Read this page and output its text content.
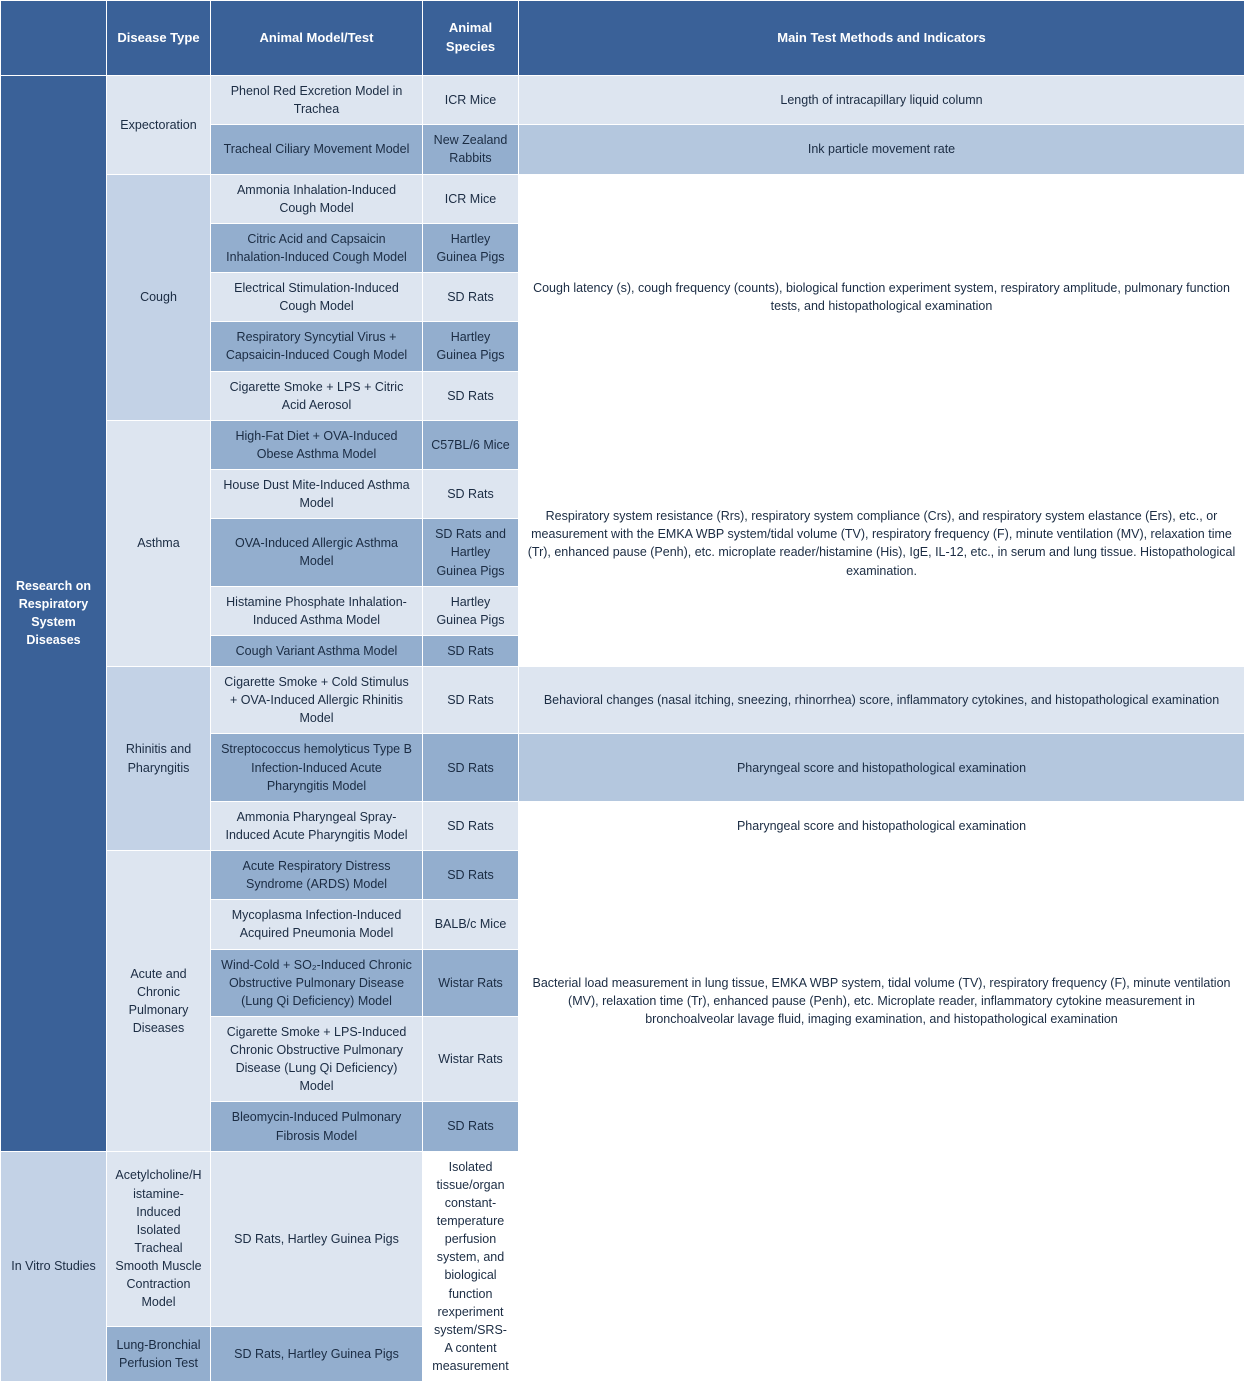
	Disease Type	Animal Model/Test	Animal Species	Main Test Methods and Indicators
Research on Respiratory System Diseases	Expectoration	Phenol Red Excretion Model in Trachea	ICR Mice	Length of intracapillary liquid column
		Tracheal Ciliary Movement Model	New Zealand Rabbits	Ink particle movement rate
	Cough	Ammonia Inhalation-Induced Cough Model	ICR Mice	Cough latency (s), cough frequency (counts), biological function experiment system, respiratory amplitude, pulmonary function tests, and histopathological examination
		Citric Acid and Capsaicin Inhalation-Induced Cough Model	Hartley Guinea Pigs	
		Electrical Stimulation-Induced Cough Model	SD Rats	
		Respiratory Syncytial Virus + Capsaicin-Induced Cough Model	Hartley Guinea Pigs	
		Cigarette Smoke + LPS + Citric Acid Aerosol	SD Rats	
	Asthma	High-Fat Diet + OVA-Induced Obese Asthma Model	C57BL/6 Mice	Respiratory system resistance (Rrs), respiratory system compliance (Crs), and respiratory system elastance (Ers), etc., or measurement with the EMKA WBP system/tidal volume (TV), respiratory frequency (F), minute ventilation (MV), relaxation time (Tr), enhanced pause (Penh), etc. microplate reader/histamine (His), IgE, IL-12, etc., in serum and lung tissue. Histopathological examination.
		House Dust Mite-Induced Asthma Model	SD Rats	
		OVA-Induced Allergic Asthma Model	SD Rats and Hartley Guinea Pigs	
		Histamine Phosphate Inhalation-Induced Asthma Model	Hartley Guinea Pigs	
		Cough Variant Asthma Model	SD Rats	
	Rhinitis and Pharyngitis	Cigarette Smoke + Cold Stimulus + OVA-Induced Allergic Rhinitis Model	SD Rats	Behavioral changes (nasal itching, sneezing, rhinorrhea) score, inflammatory cytokines, and histopathological examination
		Streptococcus hemolyticus Type B Infection-Induced Acute Pharyngitis Model	SD Rats	Pharyngeal score and histopathological examination
		Ammonia Pharyngeal Spray-Induced Acute Pharyngitis Model	SD Rats	Pharyngeal score and histopathological examination
	Acute and Chronic Pulmonary Diseases	Acute Respiratory Distress Syndrome (ARDS) Model	SD Rats	Bacterial load measurement in lung tissue, EMKA WBP system, tidal volume (TV), respiratory frequency (F), minute ventilation (MV), relaxation time (Tr), enhanced pause (Penh), etc. Microplate reader, inflammatory cytokine measurement in bronchoalveolar lavage fluid, imaging examination, and histopathological examination
		Mycoplasma Infection-Induced Acquired Pneumonia Model	BALB/c Mice	
		Wind-Cold + SO₂-Induced Chronic Obstructive Pulmonary Disease (Lung Qi Deficiency) Model	Wistar Rats	
		Cigarette Smoke + LPS-Induced Chronic Obstructive Pulmonary Disease (Lung Qi Deficiency) Model	Wistar Rats	
		Bleomycin-Induced Pulmonary Fibrosis Model	SD Rats	
In Vitro Studies	Acetylcholine/Histamine-Induced Isolated Tracheal Smooth Muscle Contraction Model	SD Rats, Hartley Guinea Pigs	Isolated tissue/organ constant-temperature perfusion system, and biological function rexperiment system/SRS-A content measurement	
	Lung-Bronchial Perfusion Test	SD Rats, Hartley Guinea Pigs		
